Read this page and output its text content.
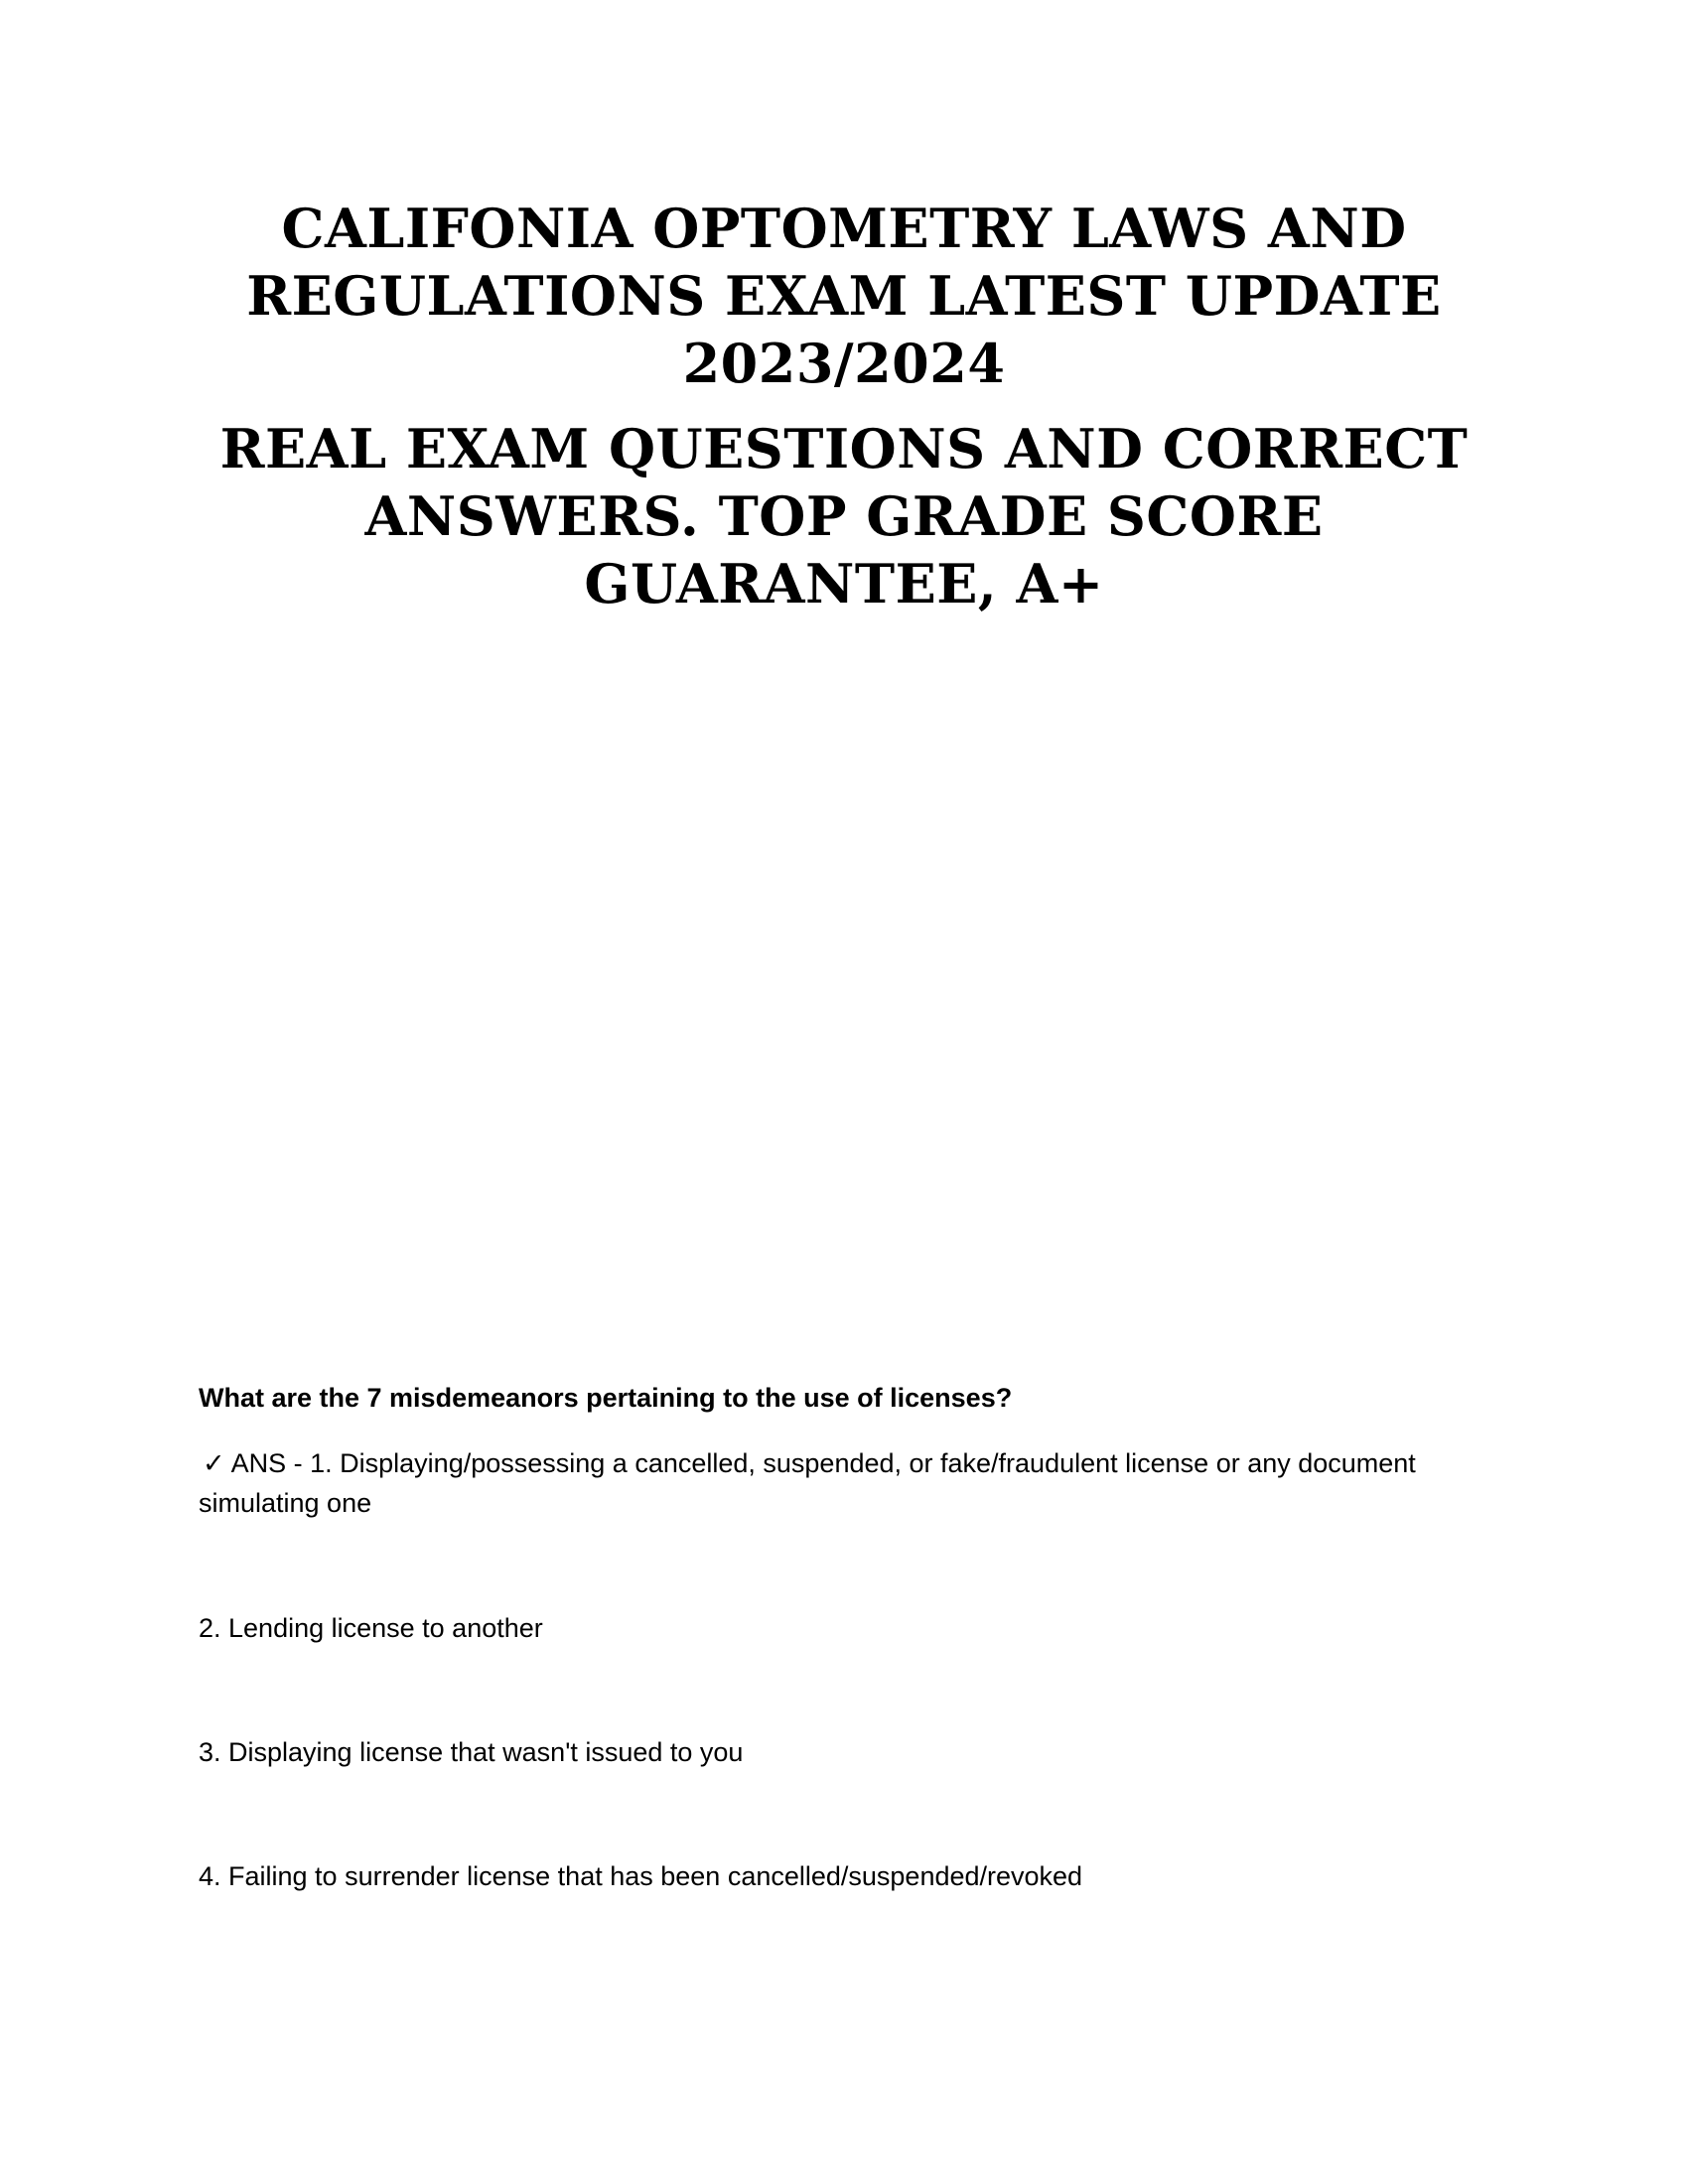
CALIFONIA OPTOMETRY LAWS AND
REGULATIONS EXAM LATEST UPDATE
2023/2024
REAL EXAM QUESTIONS AND CORRECT
ANSWERS. TOP GRADE SCORE
GUARANTEE, A+

What are the 7 misdemeanors pertaining to the use of licenses?

✓ ANS - 1. Displaying/possessing a cancelled, suspended, or fake/fraudulent license or any document simulating one

2. Lending license to another

3. Displaying license that wasn't issued to you

4. Failing to surrender license that has been cancelled/suspended/revoked
